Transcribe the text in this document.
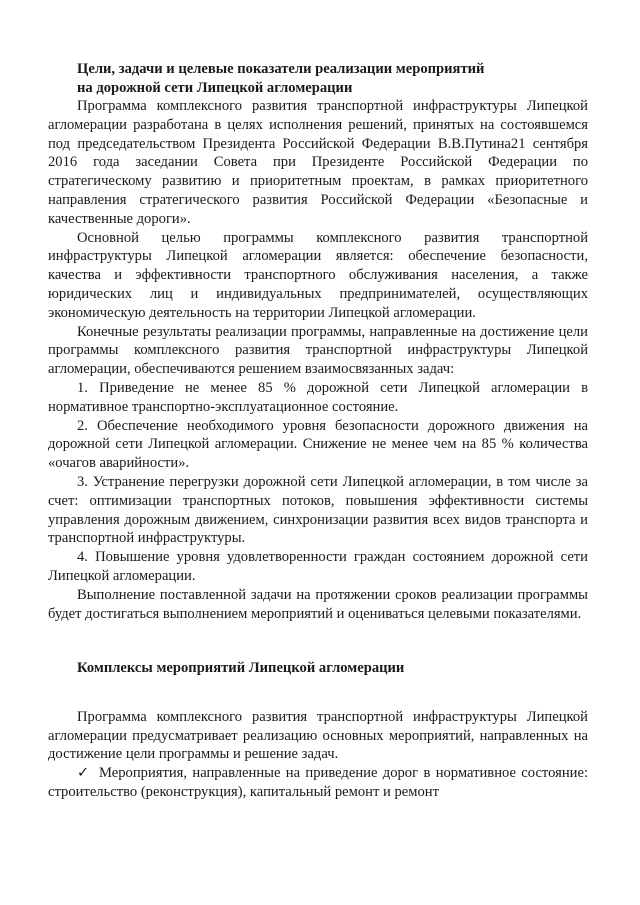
Цели, задачи и целевые показатели реализации мероприятий
на дорожной сети Липецкой агломерации

Программа комплексного развития транспортной инфраструктуры Липецкой агломерации разработана в целях исполнения решений, принятых на состоявшемся под председательством Президента Российской Федерации В.В.Путина21 сентября 2016 года заседании Совета при Президенте Российской Федерации по стратегическому развитию и приоритетным проектам, в рамках приоритетного направления стратегического развития Российской Федерации «Безопасные и качественные дороги».

Основной целью программы комплексного развития транспортной инфраструктуры Липецкой агломерации является: обеспечение безопасности, качества и эффективности транспортного обслуживания населения, а также юридических лиц и индивидуальных предпринимателей, осуществляющих экономическую деятельность на территории Липецкой агломерации.

Конечные результаты реализации программы, направленные на достижение цели программы комплексного развития транспортной инфраструктуры Липецкой агломерации, обеспечиваются решением взаимосвязанных задач:

1. Приведение не менее 85 % дорожной сети Липецкой агломерации в нормативное транспортно-эксплуатационное состояние.

2. Обеспечение необходимого уровня безопасности дорожного движения на дорожной сети Липецкой агломерации. Снижение не менее чем на 85 % количества «очагов аварийности».

3. Устранение перегрузки дорожной сети Липецкой агломерации, в том числе за счет: оптимизации транспортных потоков, повышения эффективности системы управления дорожным движением, синхронизации развития всех видов транспорта и транспортной инфраструктуры.

4. Повышение уровня удовлетворенности граждан состоянием дорожной сети Липецкой агломерации.

Выполнение поставленной задачи на протяжении сроков реализации программы будет достигаться выполнением мероприятий и оцениваться целевыми показателями.

Комплексы мероприятий Липецкой агломерации

Программа комплексного развития транспортной инфраструктуры Липецкой агломерации предусматривает реализацию основных мероприятий, направленных на достижение цели программы и решение задач.

✓ Мероприятия, направленные на приведение дорог в нормативное состояние: строительство (реконструкция), капитальный ремонт и ремонт
